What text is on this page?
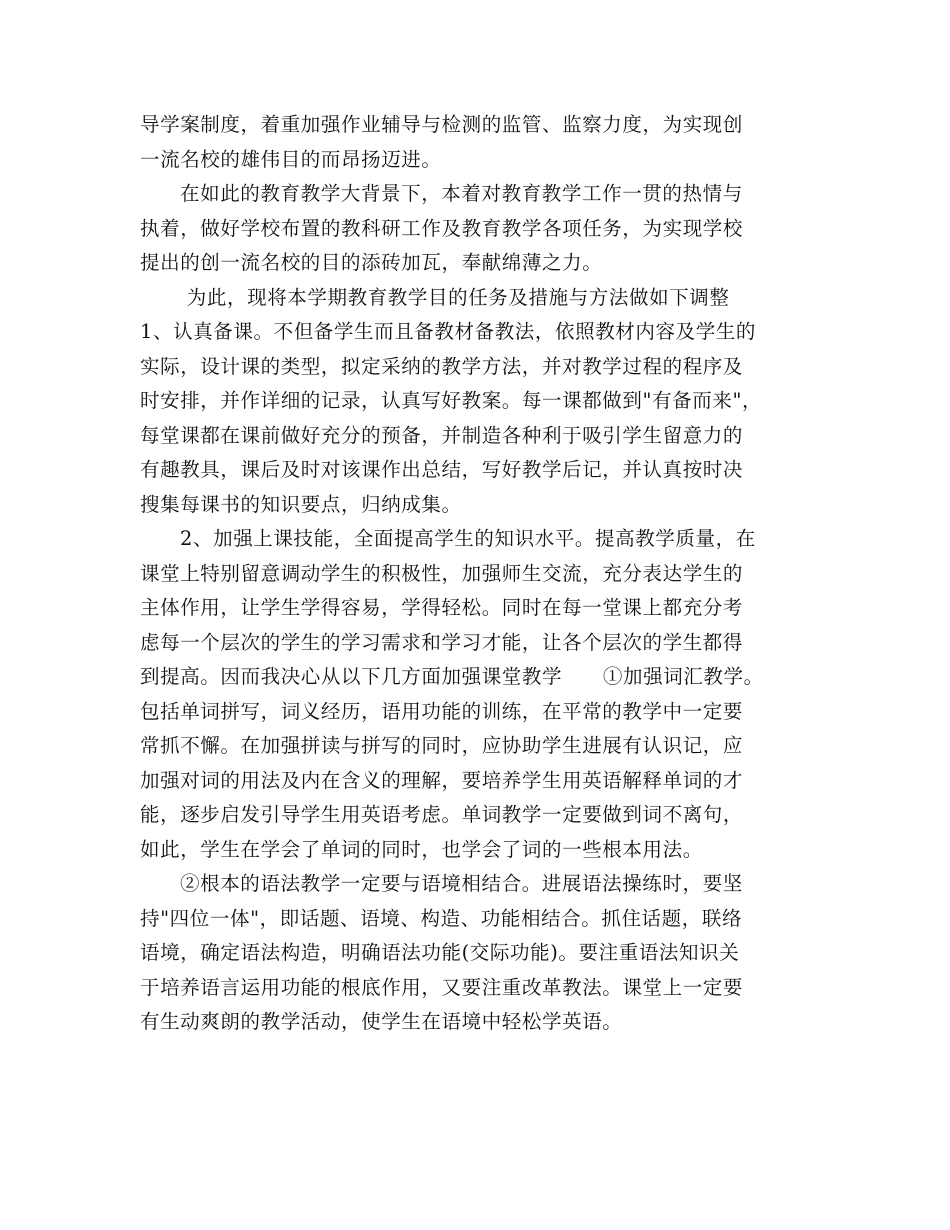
导学案制度，着重加强作业辅导与检测的监管、监察力度，为实现创
一流名校的雄伟目的而昂扬迈进。
在如此的教育教学大背景下，本着对教育教学工作一贯的热情与
执着，做好学校布置的教科研工作及教育教学各项任务，为实现学校
提出的创一流名校的目的添砖加瓦，奉献绵薄之力。
为此，现将本学期教育教学目的任务及措施与方法做如下调整
1、认真备课。不但备学生而且备教材备教法，依照教材内容及学生的
实际，设计课的类型，拟定采纳的教学方法，并对教学过程的程序及
时安排，并作详细的记录，认真写好教案。每一课都做到"有备而来"，
每堂课都在课前做好充分的预备，并制造各种利于吸引学生留意力的
有趣教具，课后及时对该课作出总结，写好教学后记，并认真按时决
搜集每课书的知识要点，归纳成集。
2、加强上课技能，全面提高学生的知识水平。提高教学质量，在
课堂上特别留意调动学生的积极性，加强师生交流，充分表达学生的
主体作用，让学生学得容易，学得轻松。同时在每一堂课上都充分考
虑每一个层次的学生的学习需求和学习才能，让各个层次的学生都得
到提高。因而我决心从以下几方面加强课堂教学      ①加强词汇教学。
包括单词拼写，词义经历，语用功能的训练，在平常的教学中一定要
常抓不懈。在加强拼读与拼写的同时，应协助学生进展有认识记，应
加强对词的用法及内在含义的理解，要培养学生用英语解释单词的才
能，逐步启发引导学生用英语考虑。单词教学一定要做到词不离句，
如此，学生在学会了单词的同时，也学会了词的一些根本用法。
②根本的语法教学一定要与语境相结合。进展语法操练时，要坚
持"四位一体"，即话题、语境、构造、功能相结合。抓住话题，联络
语境，确定语法构造，明确语法功能(交际功能)。要注重语法知识关
于培养语言运用功能的根底作用，又要注重改革教法。课堂上一定要
有生动爽朗的教学活动，使学生在语境中轻松学英语。
